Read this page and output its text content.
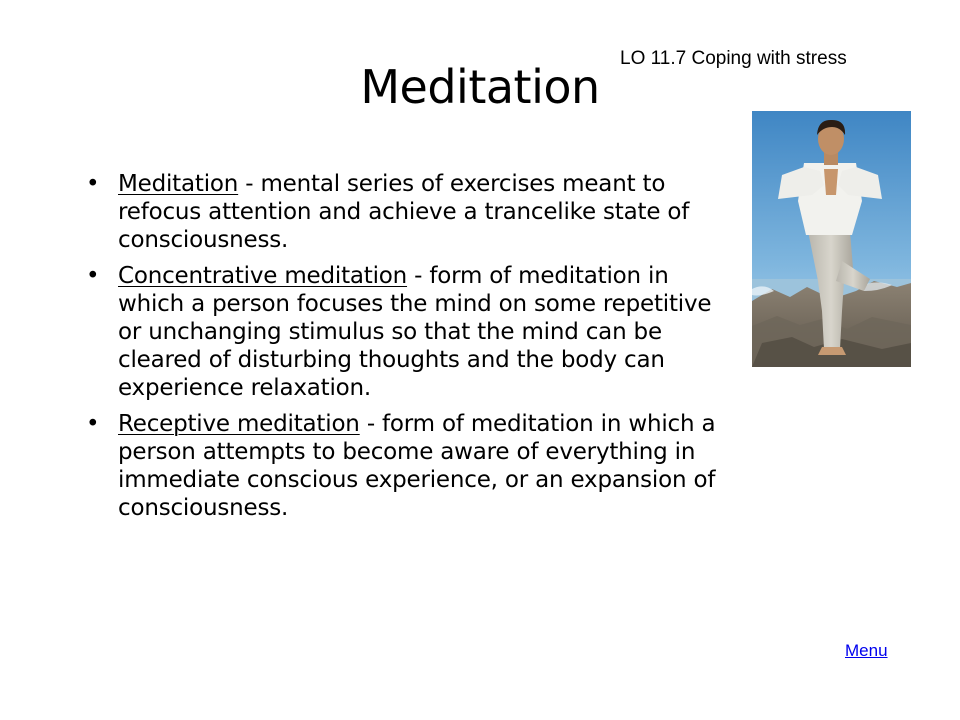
LO 11.7 Coping with stress
Meditation
• Meditation - mental series of exercises meant to refocus attention and achieve a trancelike state of consciousness.
• Concentrative meditation - form of meditation in which a person focuses the mind on some repetitive or unchanging stimulus so that the mind can be cleared of disturbing thoughts and the body can experience relaxation.
• Receptive meditation - form of meditation in which a person attempts to become aware of everything in immediate conscious experience, or an expansion of consciousness.
Menu
